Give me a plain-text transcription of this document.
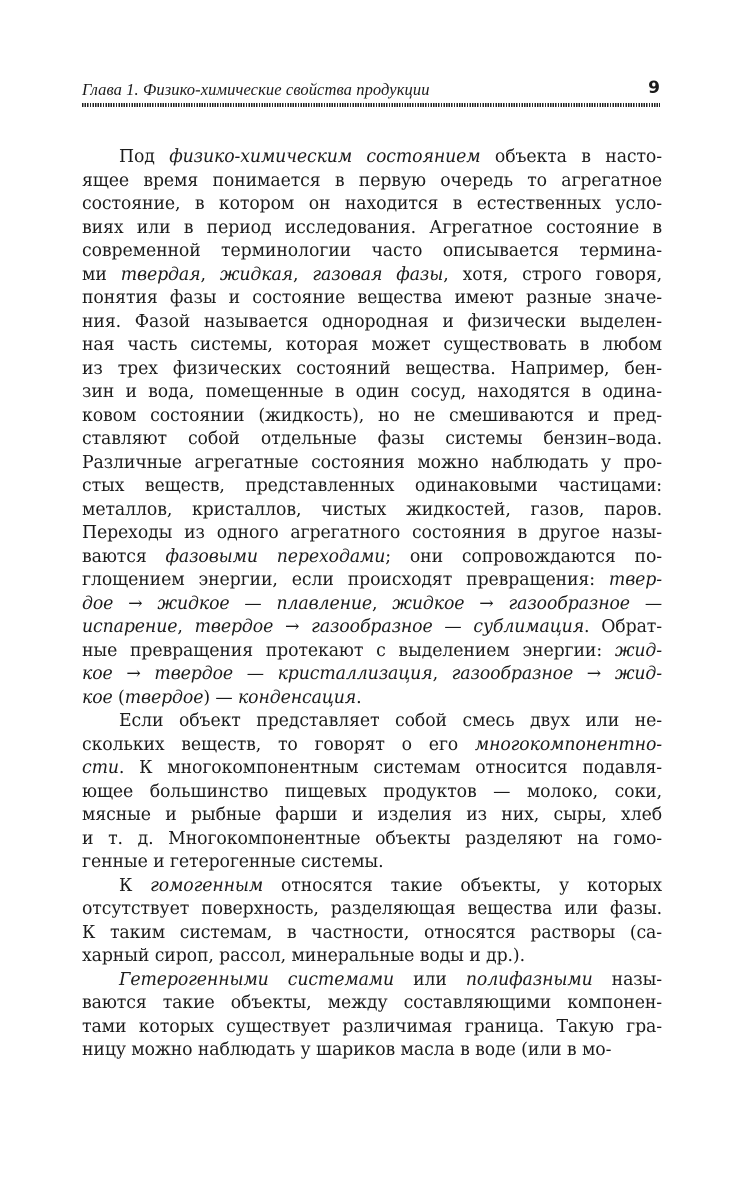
Глава 1. Физико-химические свойства продукции	9
Под физико-химическим состоянием объекта в насто-
ящее время понимается в первую очередь то агрегатное
состояние, в котором он находится в естественных усло-
виях или в период исследования. Агрегатное состояние в
современной терминологии часто описывается термина-
ми твердая, жидкая, газовая фазы, хотя, строго говоря,
понятия фазы и состояние вещества имеют разные значе-
ния. Фазой называется однородная и физически выделен-
ная часть системы, которая может существовать в любом
из трех физических состояний вещества. Например, бен-
зин и вода, помещенные в один сосуд, находятся в одина-
ковом состоянии (жидкость), но не смешиваются и пред-
ставляют собой отдельные фазы системы бензин–вода.
Различные агрегатные состояния можно наблюдать у про-
стых веществ, представленных одинаковыми частицами:
металлов, кристаллов, чистых жидкостей, газов, паров.
Переходы из одного агрегатного состояния в другое назы-
ваются фазовыми переходами; они сопровождаются по-
глощением энергии, если происходят превращения: твер-
дое → жидкое — плавление, жидкое → газообразное —
испарение, твердое → газообразное — сублимация. Обрат-
ные превращения протекают с выделением энергии: жид-
кое → твердое — кристаллизация, газообразное → жид-
кое (твердое) — конденсация.
Если объект представляет собой смесь двух или не-
скольких веществ, то говорят о его многокомпонентно-
сти. К многокомпонентным системам относится подавля-
ющее большинство пищевых продуктов — молоко, соки,
мясные и рыбные фарши и изделия из них, сыры, хлеб
и т. д. Многокомпонентные объекты разделяют на гомо-
генные и гетерогенные системы.
К гомогенным относятся такие объекты, у которых
отсутствует поверхность, разделяющая вещества или фазы.
К таким системам, в частности, относятся растворы (са-
харный сироп, рассол, минеральные воды и др.).
Гетерогенными системами или полифазными назы-
ваются такие объекты, между составляющими компонен-
тами которых существует различимая граница. Такую гра-
ницу можно наблюдать у шариков масла в воде (или в мо-
